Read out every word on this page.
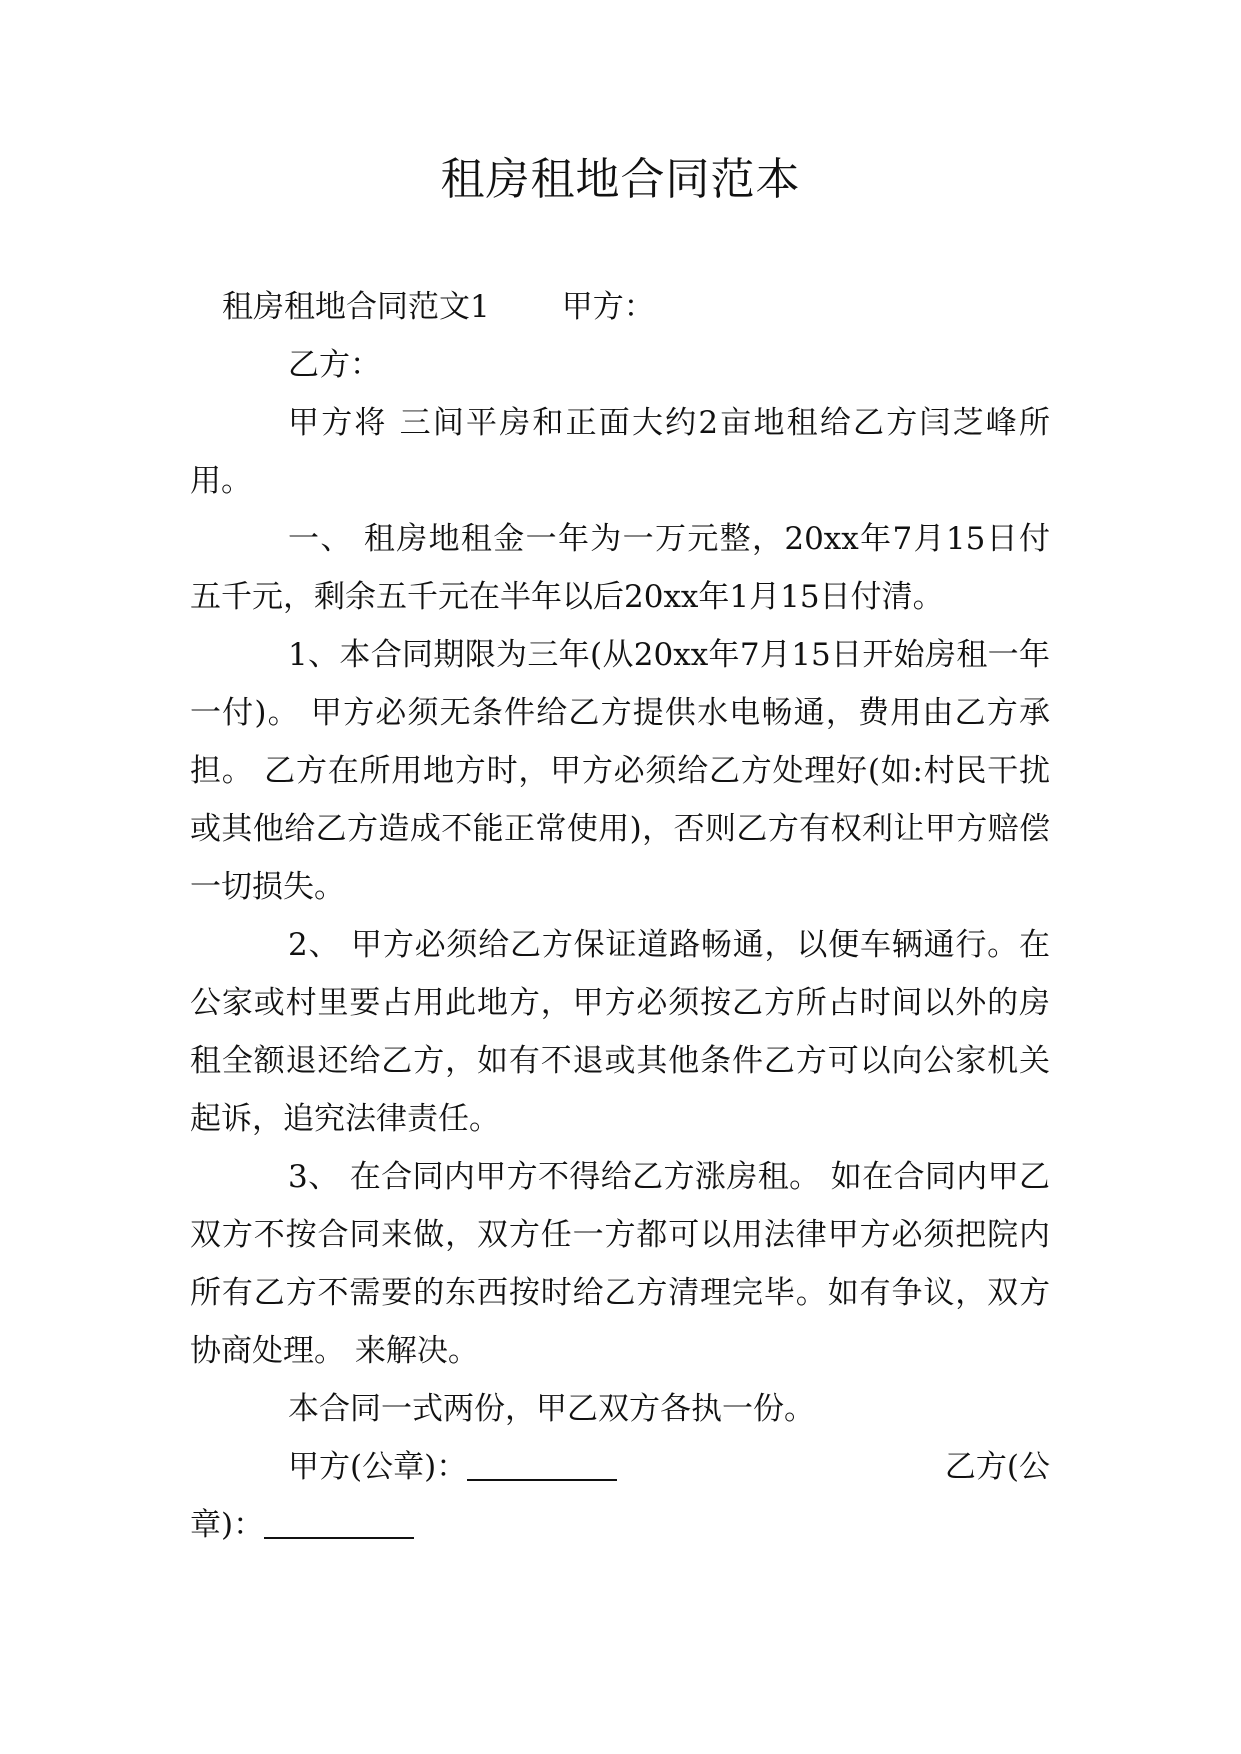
租房租地合同范本

租房租地合同范文1 甲方：

乙方：

甲方将 三间平房和正面大约2亩地租给乙方闫芝峰所用。

一、 租房地租金一年为一万元整，20xx年7月15日付五千元，剩余五千元在半年以后20xx年1月15日付清。

1、本合同期限为三年(从20xx年7月15日开始房租一年一付)。 甲方必须无条件给乙方提供水电畅通，费用由乙方承担。 乙方在所用地方时，甲方必须给乙方处理好(如:村民干扰或其他给乙方造成不能正常使用)，否则乙方有权利让甲方赔偿一切损失。

2、 甲方必须给乙方保证道路畅通，以便车辆通行。在公家或村里要占用此地方，甲方必须按乙方所占时间以外的房租全额退还给乙方，如有不退或其他条件乙方可以向公家机关起诉，追究法律责任。

3、 在合同内甲方不得给乙方涨房租。 如在合同内甲乙双方不按合同来做，双方任一方都可以用法律甲方必须把院内所有乙方不需要的东西按时给乙方清理完毕。如有争议，双方协商处理。 来解决。

本合同一式两份，甲乙双方各执一份。

甲方(公章)：	乙方(公

章)：
